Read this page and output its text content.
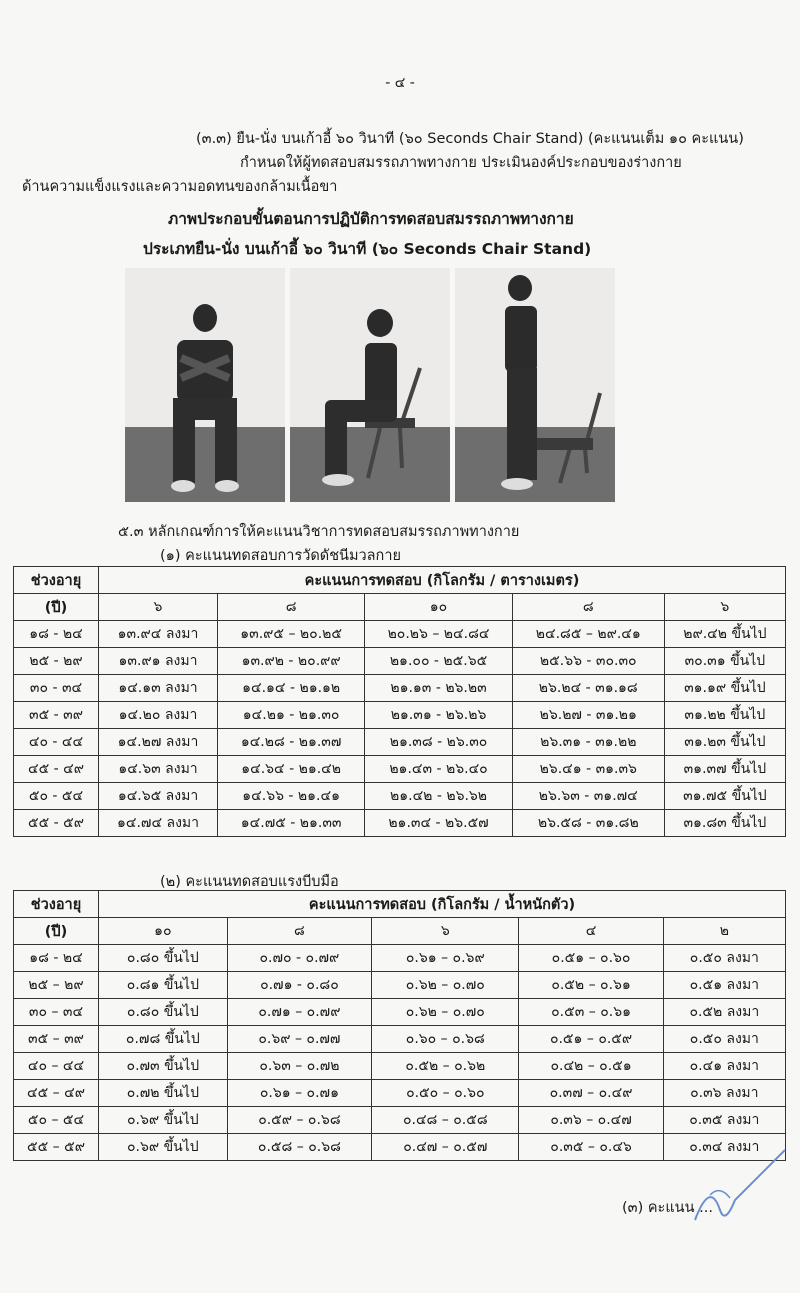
- ๔ -
(๓.๓) ยืน-นั่ง บนเก้าอี้ ๖๐ วินาที (๖๐ Seconds Chair Stand) (คะแนนเต็ม ๑๐ คะแนน)
กำหนดให้ผู้ทดสอบสมรรถภาพทางกาย ประเมินองค์ประกอบของร่างกาย
ด้านความแข็งแรงและความอดทนของกล้ามเนื้อขา
ภาพประกอบขั้นตอนการปฏิบัติการทดสอบสมรรถภาพทางกาย
ประเภทยืน-นั่ง บนเก้าอี้ ๖๐ วินาที (๖๐ Seconds Chair Stand)
๕.๓ หลักเกณฑ์การให้คะแนนวิชาการทดสอบสมรรถภาพทางกาย
(๑) คะแนนทดสอบการวัดดัชนีมวลกาย
ช่วงอายุ	คะแนนการทดสอบ (กิโลกรัม / ตารางเมตร)				
(ปี)	๖	๘	๑๐	๘	๖
๑๘ - ๒๔	๑๓.๙๔ ลงมา	๑๓.๙๕ – ๒๐.๒๕	๒๐.๒๖ – ๒๔.๘๔	๒๔.๘๕ – ๒๙.๔๑	๒๙.๔๒ ขึ้นไป
๒๕ - ๒๙	๑๓.๙๑ ลงมา	๑๓.๙๒ - ๒๐.๙๙	๒๑.๐๐ - ๒๕.๖๕	๒๕.๖๖ - ๓๐.๓๐	๓๐.๓๑ ขึ้นไป
๓๐ - ๓๔	๑๔.๑๓ ลงมา	๑๔.๑๔ - ๒๑.๑๒	๒๑.๑๓ - ๒๖.๒๓	๒๖.๒๔ - ๓๑.๑๘	๓๑.๑๙ ขึ้นไป
๓๕ - ๓๙	๑๔.๒๐ ลงมา	๑๔.๒๑ - ๒๑.๓๐	๒๑.๓๑ - ๒๖.๒๖	๒๖.๒๗ - ๓๑.๒๑	๓๑.๒๒ ขึ้นไป
๔๐ - ๔๔	๑๔.๒๗ ลงมา	๑๔.๒๘ - ๒๑.๓๗	๒๑.๓๘ - ๒๖.๓๐	๒๖.๓๑ - ๓๑.๒๒	๓๑.๒๓ ขึ้นไป
๔๕ - ๔๙	๑๔.๖๓ ลงมา	๑๔.๖๔ - ๒๑.๔๒	๒๑.๔๓ - ๒๖.๔๐	๒๖.๔๑ - ๓๑.๓๖	๓๑.๓๗ ขึ้นไป
๕๐ - ๕๔	๑๔.๖๕ ลงมา	๑๔.๖๖ - ๒๑.๔๑	๒๑.๔๒ - ๒๖.๖๒	๒๖.๖๓ - ๓๑.๗๔	๓๑.๗๕ ขึ้นไป
๕๕ - ๕๙	๑๔.๗๔ ลงมา	๑๔.๗๕ - ๒๑.๓๓	๒๑.๓๔ - ๒๖.๕๗	๒๖.๕๘ - ๓๑.๘๒	๓๑.๘๓ ขึ้นไป
(๒) คะแนนทดสอบแรงบีบมือ
ช่วงอายุ	คะแนนการทดสอบ (กิโลกรัม / น้ำหนักตัว)				
(ปี)	๑๐	๘	๖	๔	๒
๑๘ - ๒๔	๐.๘๐ ขึ้นไป	๐.๗๐ - ๐.๗๙	๐.๖๑ – ๐.๖๙	๐.๕๑ – ๐.๖๐	๐.๕๐ ลงมา
๒๕ – ๒๙	๐.๘๑ ขึ้นไป	๐.๗๑ - ๐.๘๐	๐.๖๒ – ๐.๗๐	๐.๕๒ – ๐.๖๑	๐.๕๑ ลงมา
๓๐ – ๓๔	๐.๘๐ ขึ้นไป	๐.๗๑ – ๐.๗๙	๐.๖๒ – ๐.๗๐	๐.๕๓ – ๐.๖๑	๐.๕๒ ลงมา
๓๕ – ๓๙	๐.๗๘ ขึ้นไป	๐.๖๙ – ๐.๗๗	๐.๖๐ – ๐.๖๘	๐.๕๑ – ๐.๕๙	๐.๕๐ ลงมา
๔๐ – ๔๔	๐.๗๓ ขึ้นไป	๐.๖๓ – ๐.๗๒	๐.๕๒ – ๐.๖๒	๐.๔๒ – ๐.๕๑	๐.๔๑ ลงมา
๔๕ – ๔๙	๐.๗๒ ขึ้นไป	๐.๖๑ – ๐.๗๑	๐.๕๐ – ๐.๖๐	๐.๓๗ – ๐.๔๙	๐.๓๖ ลงมา
๕๐ – ๕๔	๐.๖๙ ขึ้นไป	๐.๕๙ – ๐.๖๘	๐.๔๘ – ๐.๕๘	๐.๓๖ – ๐.๔๗	๐.๓๕ ลงมา
๕๕ – ๕๙	๐.๖๙ ขึ้นไป	๐.๕๘ – ๐.๖๘	๐.๔๗ – ๐.๕๗	๐.๓๕ – ๐.๔๖	๐.๓๔ ลงมา
(๓) คะแนน ...
